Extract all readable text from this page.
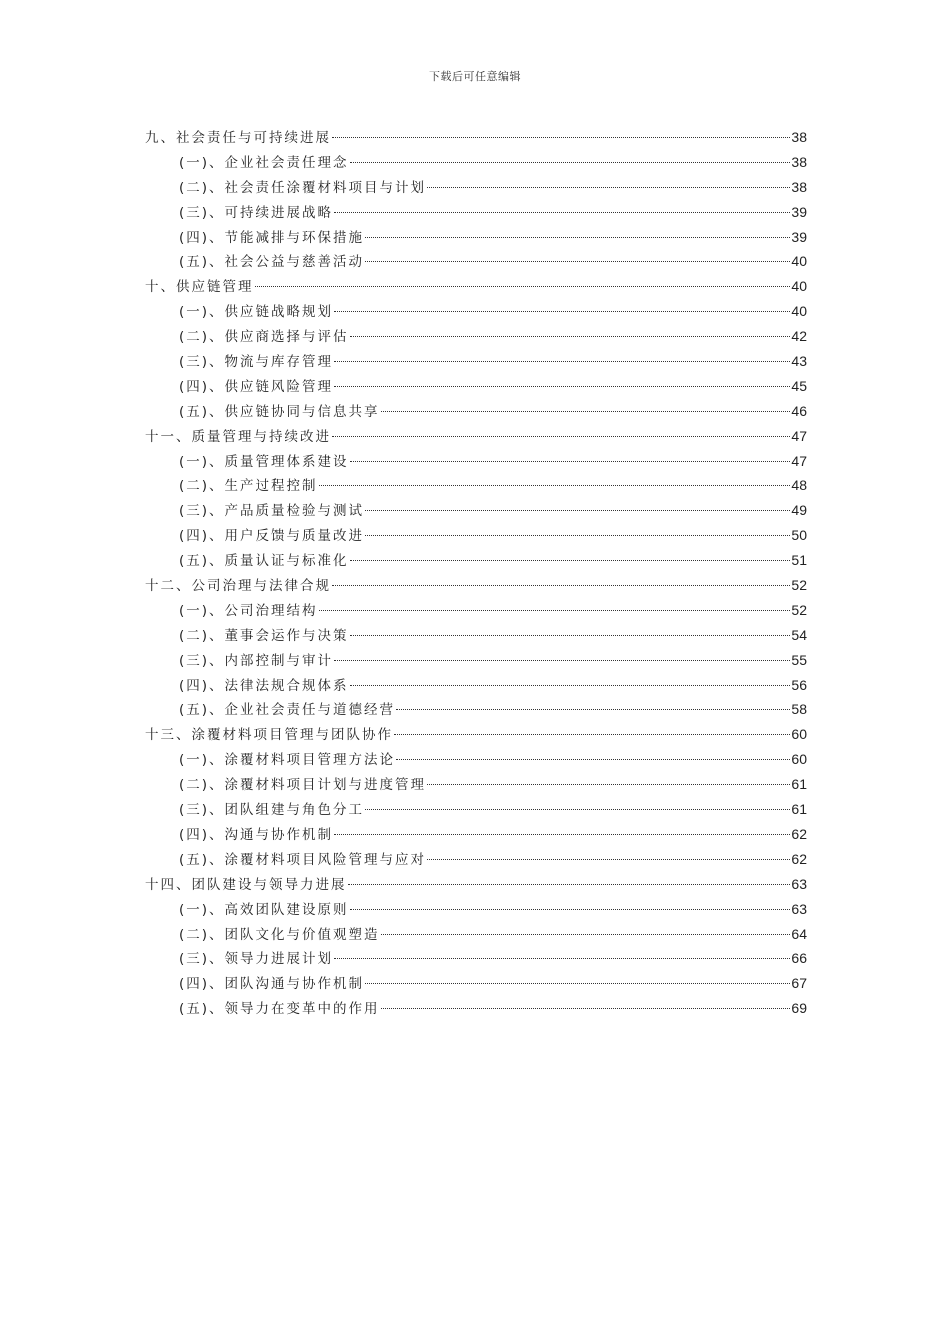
下载后可任意编辑
九、社会责任与可持续进展	38
(一)、企业社会责任理念	38
(二)、社会责任涂覆材料项目与计划	38
(三)、可持续进展战略	39
(四)、节能减排与环保措施	39
(五)、社会公益与慈善活动	40
十、供应链管理	40
(一)、供应链战略规划	40
(二)、供应商选择与评估	42
(三)、物流与库存管理	43
(四)、供应链风险管理	45
(五)、供应链协同与信息共享	46
十一、质量管理与持续改进	47
(一)、质量管理体系建设	47
(二)、生产过程控制	48
(三)、产品质量检验与测试	49
(四)、用户反馈与质量改进	50
(五)、质量认证与标准化	51
十二、公司治理与法律合规	52
(一)、公司治理结构	52
(二)、董事会运作与决策	54
(三)、内部控制与审计	55
(四)、法律法规合规体系	56
(五)、企业社会责任与道德经营	58
十三、涂覆材料项目管理与团队协作	60
(一)、涂覆材料项目管理方法论	60
(二)、涂覆材料项目计划与进度管理	61
(三)、团队组建与角色分工	61
(四)、沟通与协作机制	62
(五)、涂覆材料项目风险管理与应对	62
十四、团队建设与领导力进展	63
(一)、高效团队建设原则	63
(二)、团队文化与价值观塑造	64
(三)、领导力进展计划	66
(四)、团队沟通与协作机制	67
(五)、领导力在变革中的作用	69
